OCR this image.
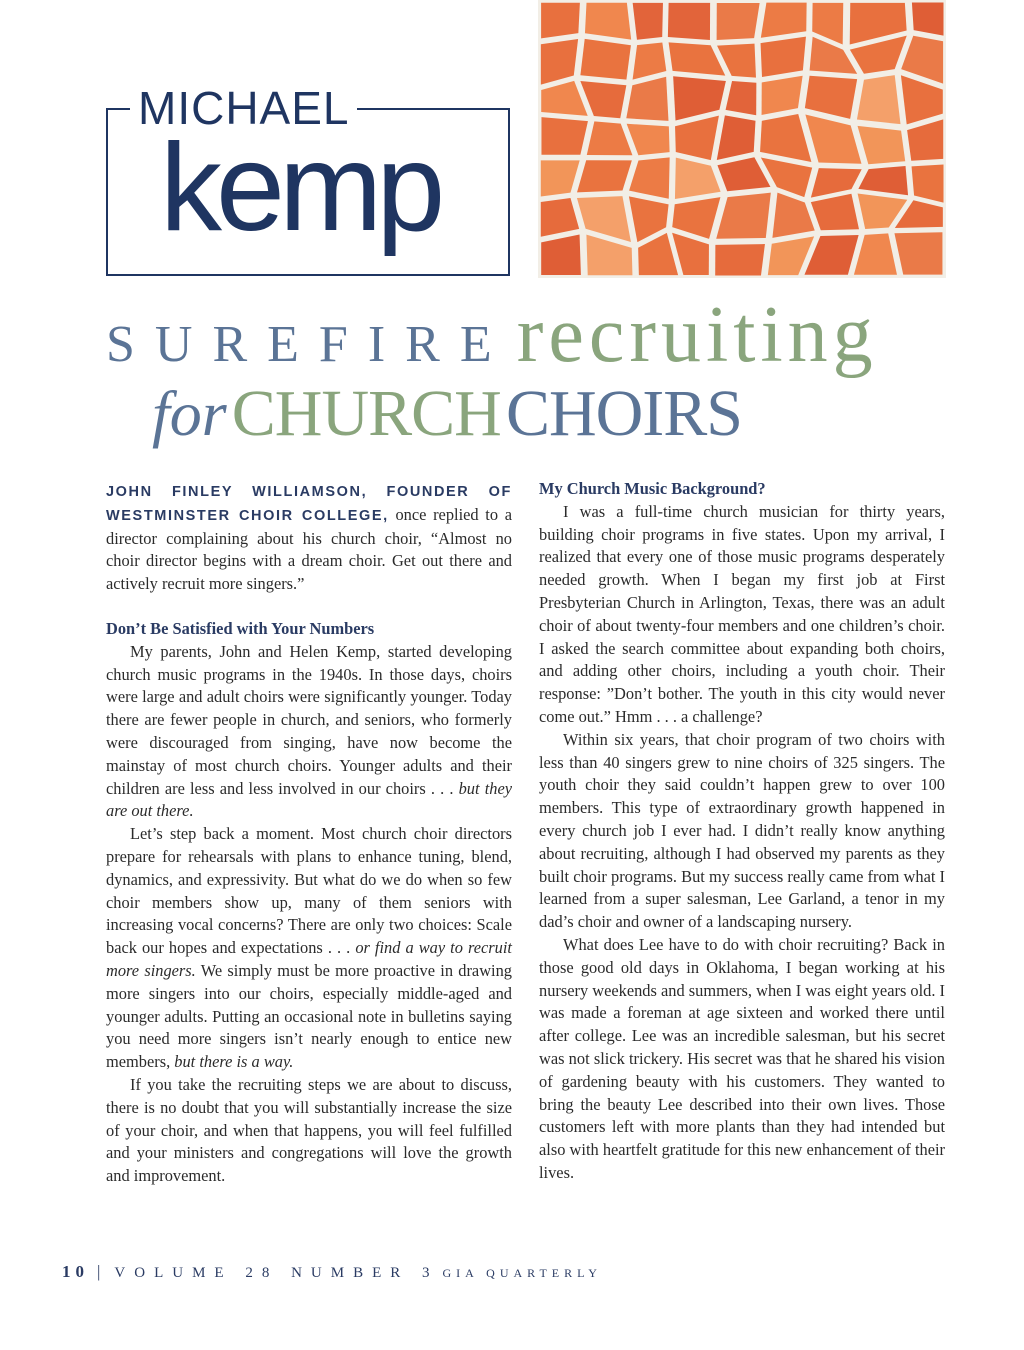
MICHAEL
kemp
SUREFIRE recruiting
for CHURCH CHOIRS

JOHN FINLEY WILLIAMSON, FOUNDER OF WESTMINSTER CHOIR COLLEGE, once replied to a director complaining about his church choir, “Almost no choir director begins with a dream choir. Get out there and actively recruit more singers.”

Don’t Be Satisfied with Your Numbers

My parents, John and Helen Kemp, started developing church music programs in the 1940s. In those days, choirs were large and adult choirs were significantly younger. Today there are fewer people in church, and seniors, who formerly were discouraged from singing, have now become the mainstay of most church choirs. Younger adults and their children are less and less involved in our choirs . . . but they are out there.

Let’s step back a moment. Most church choir directors prepare for rehearsals with plans to enhance tuning, blend, dynamics, and expressivity. But what do we do when so few choir members show up, many of them seniors with increasing vocal concerns? There are only two choices: Scale back our hopes and expectations . . . or find a way to recruit more singers. We simply must be more proactive in drawing more singers into our choirs, especially middle-aged and younger adults. Putting an occasional note in bulletins saying you need more singers isn’t nearly enough to entice new members, but there is a way.

If you take the recruiting steps we are about to discuss, there is no doubt that you will substantially increase the size of your choir, and when that happens, you will feel fulfilled and your ministers and congregations will love the growth and improvement.

My Church Music Background?

I was a full-time church musician for thirty years, building choir programs in five states. Upon my arrival, I realized that every one of those music programs desperately needed growth. When I began my first job at First Presbyterian Church in Arlington, Texas, there was an adult choir of about twenty-four members and one children’s choir. I asked the search committee about expanding both choirs, and adding other choirs, including a youth choir. Their response: ”Don’t bother. The youth in this city would never come out.” Hmm . . . a challenge?

Within six years, that choir program of two choirs with less than 40 singers grew to nine choirs of 325 singers. The youth choir they said couldn’t happen grew to over 100 members. This type of extraordinary growth happened in every church job I ever had. I didn’t really know anything about recruiting, although I had observed my parents as they built choir programs. But my success really came from what I learned from a super salesman, Lee Garland, a tenor in my dad’s choir and owner of a landscaping nursery.

What does Lee have to do with choir recruiting? Back in those good old days in Oklahoma, I began working at his nursery weekends and summers, when I was eight years old. I was made a foreman at age sixteen and worked there until after college. Lee was an incredible salesman, but his secret was not slick trickery. His secret was that he shared his vision of gardening beauty with his customers. They wanted to bring the beauty Lee described into their own lives. Those customers left with more plants than they had intended but also with heartfelt gratitude for this new enhancement of their lives.

10 | VOLUME 28 NUMBER 3 GIA QUARTERLY
